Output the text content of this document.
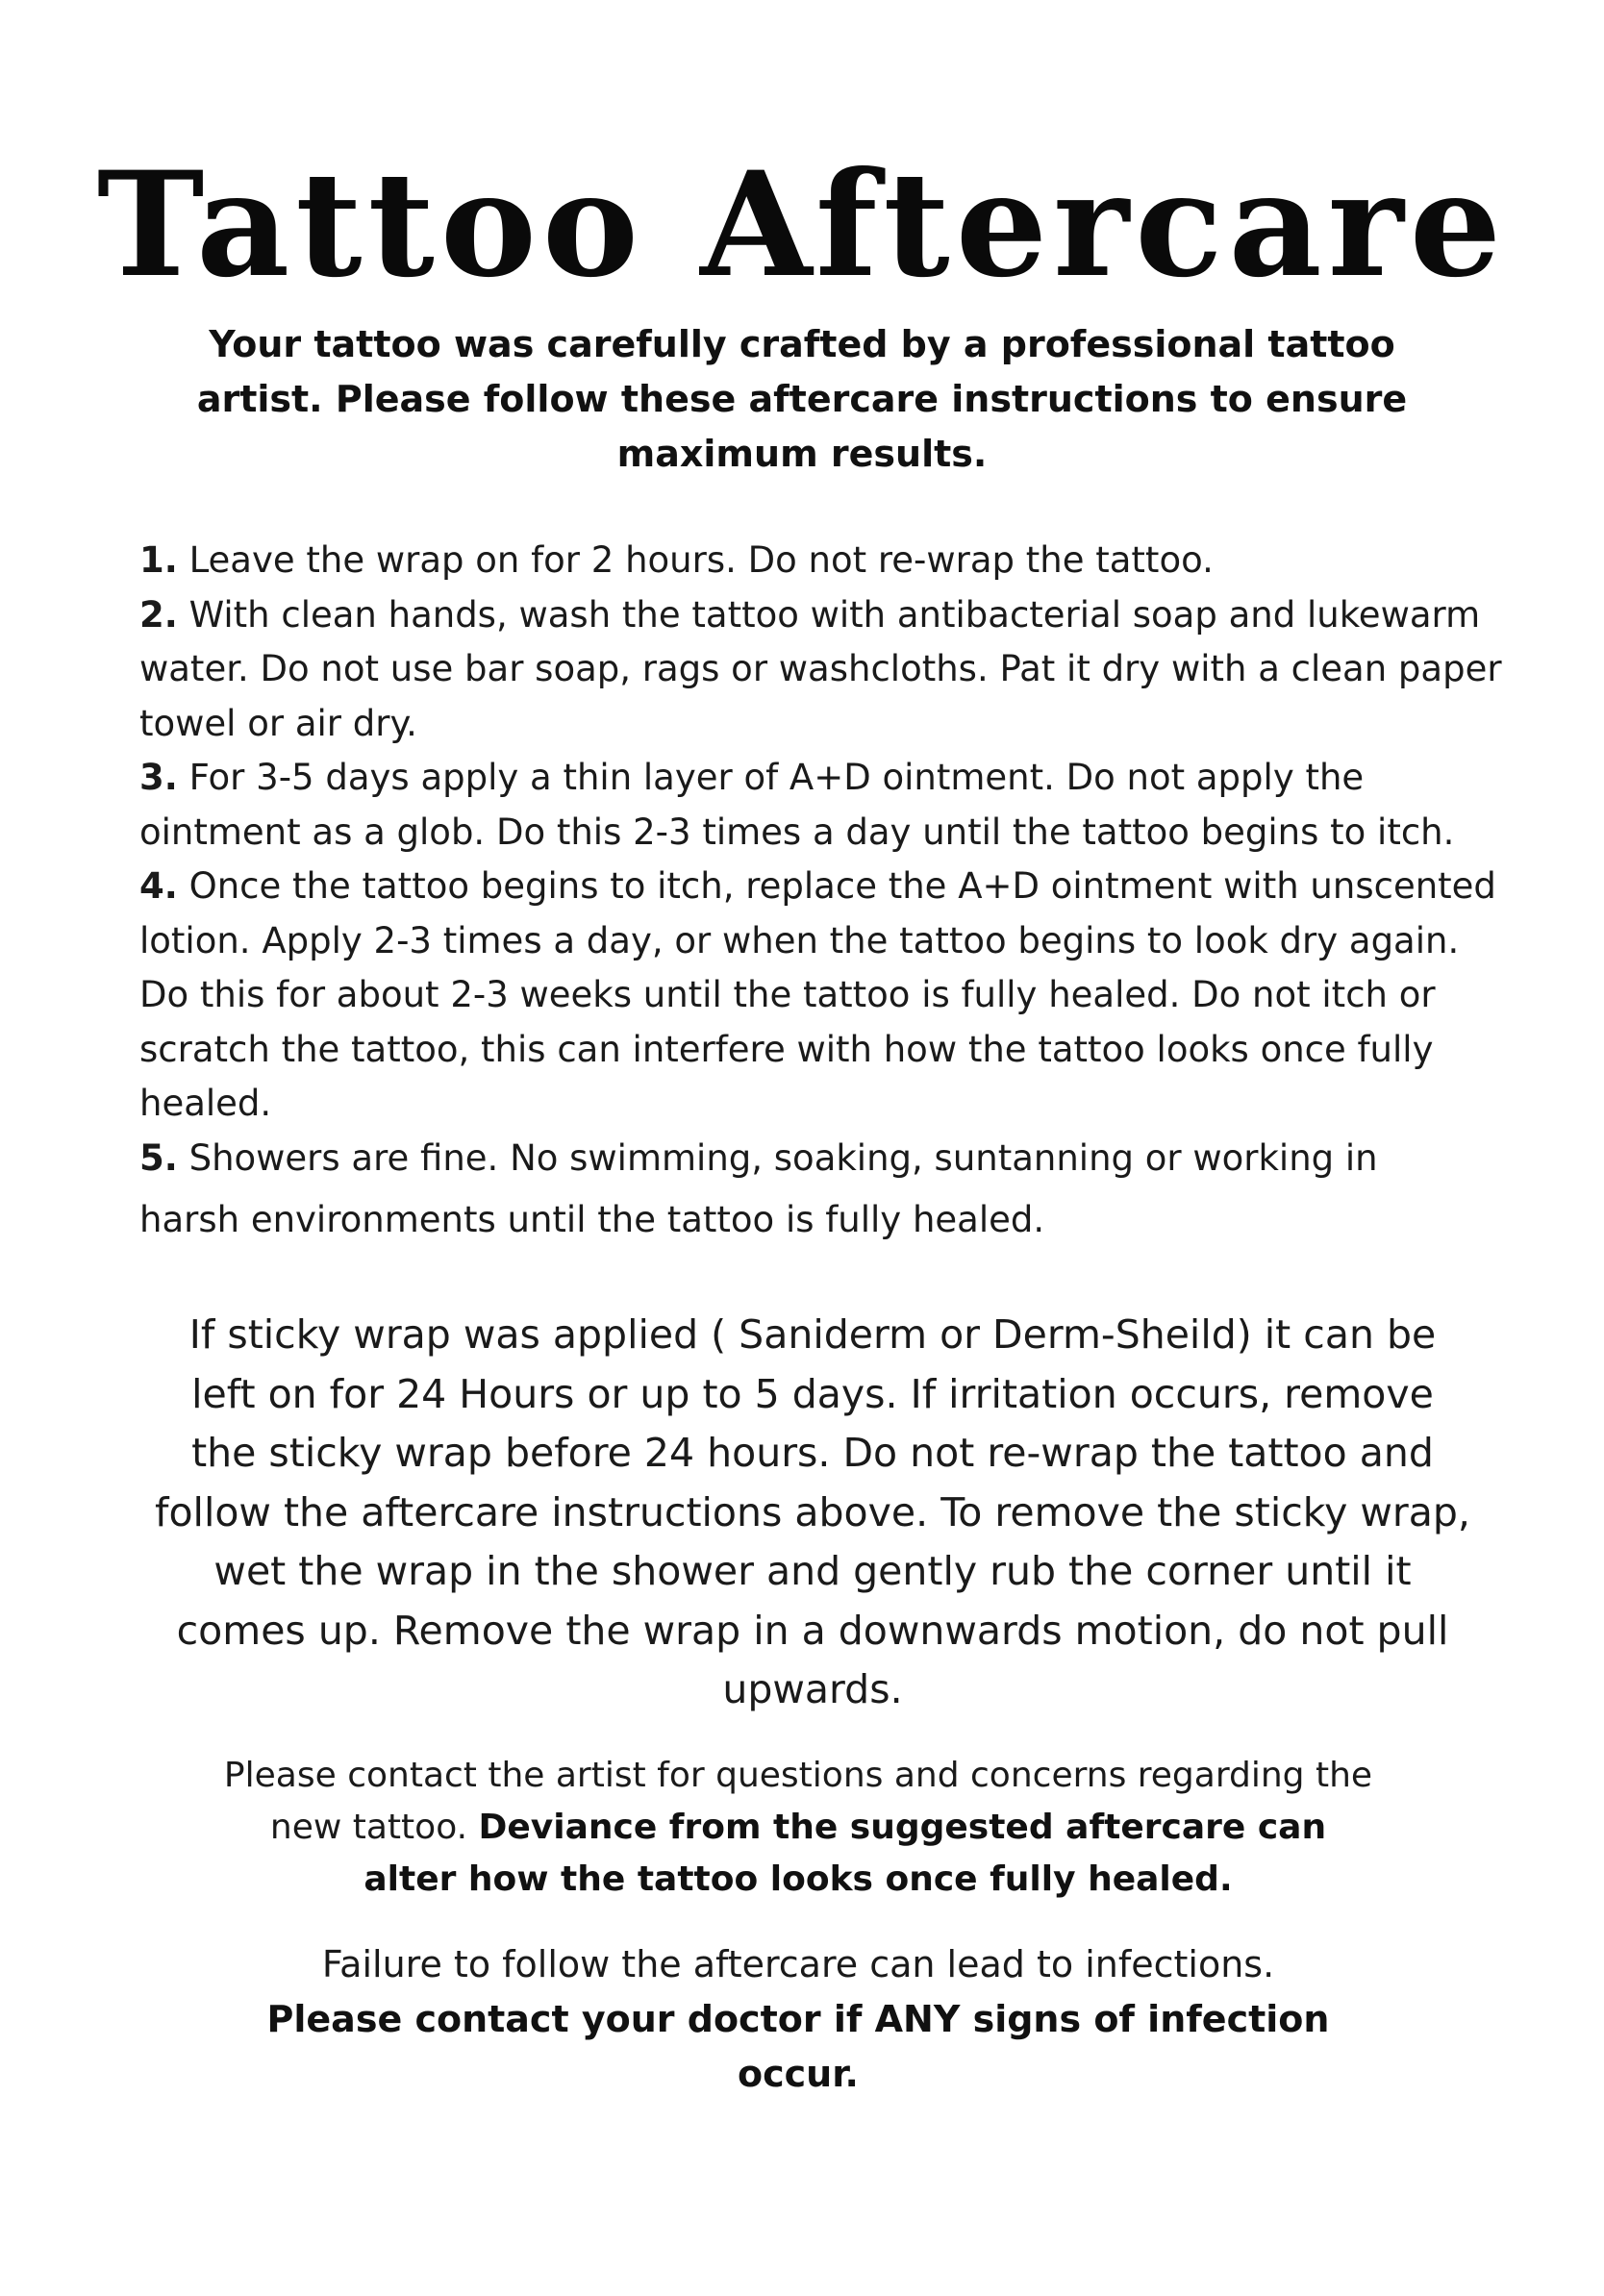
Tattoo Aftercare

Your tattoo was carefully crafted by a professional tattoo artist. Please follow these aftercare instructions to ensure maximum results.

1. Leave the wrap on for 2 hours. Do not re-wrap the tattoo.

2. With clean hands, wash the tattoo with antibacterial soap and lukewarm water. Do not use bar soap, rags or washcloths. Pat it dry with a clean paper towel or air dry.

3. For 3-5 days apply a thin layer of A+D ointment. Do not apply the ointment as a glob. Do this 2-3 times a day until the tattoo begins to itch.

4. Once the tattoo begins to itch, replace the A+D ointment with unscented lotion. Apply 2-3 times a day, or when the tattoo begins to look dry again. Do this for about 2-3 weeks until the tattoo is fully healed. Do not itch or scratch the tattoo, this can interfere with how the tattoo looks once fully healed.

5. Showers are fine. No swimming, soaking, suntanning or working in
harsh environments until the tattoo is fully healed.

If sticky wrap was applied ( Saniderm or Derm-Sheild) it can be left on for 24 Hours or up to 5 days. If irritation occurs, remove the sticky wrap before 24 hours. Do not re-wrap the tattoo and follow the aftercare instructions above. To remove the sticky wrap, wet the wrap in the shower and gently rub the corner until it comes up. Remove the wrap in a downwards motion, do not pull upwards.

Please contact the artist for questions and concerns regarding the new tattoo. Deviance from the suggested aftercare can alter how the tattoo looks once fully healed.

Failure to follow the aftercare can lead to infections.
Please contact your doctor if ANY signs of infection occur.
